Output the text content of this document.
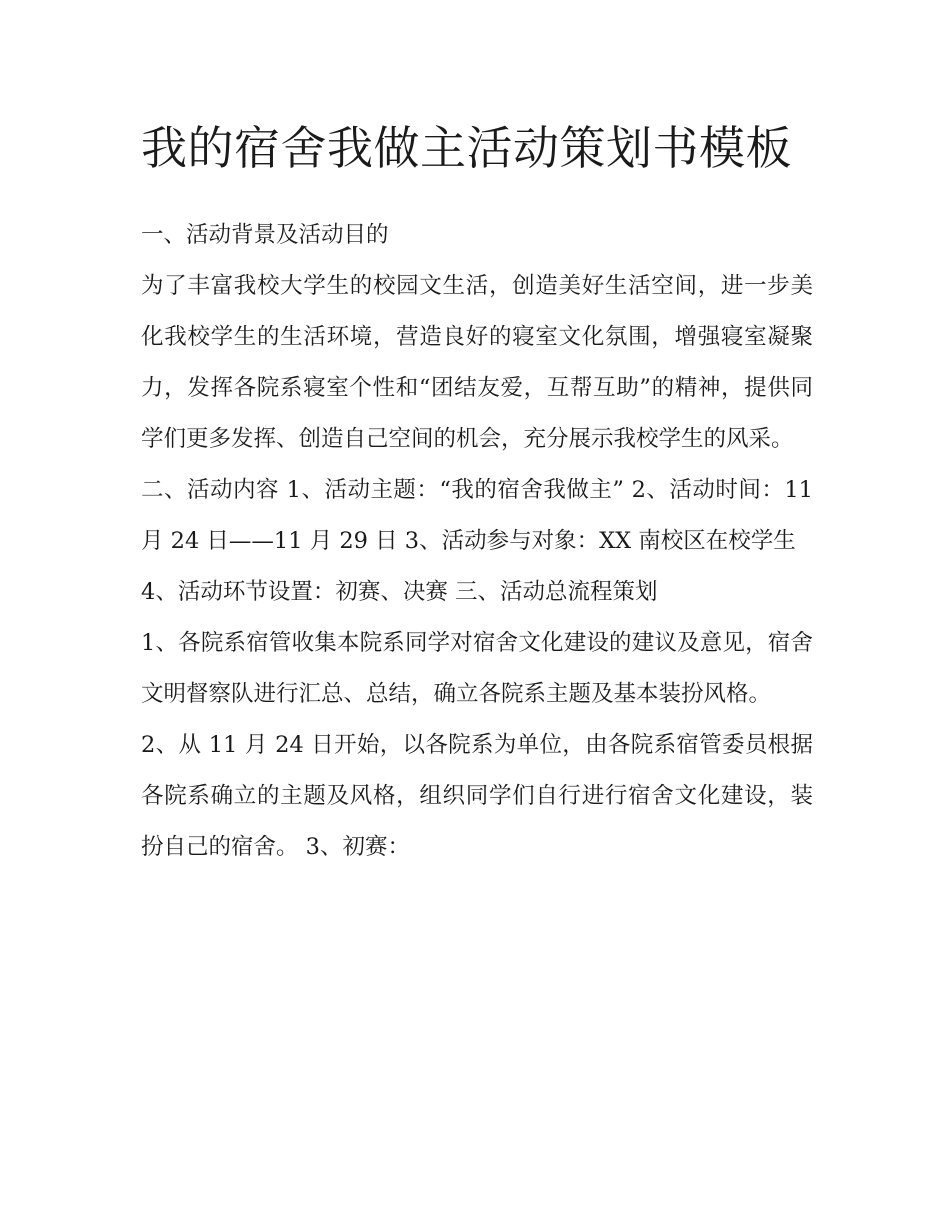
我的宿舍我做主活动策划书模板

一、活动背景及活动目的

为了丰富我校大学生的校园文生活，创造美好生活空间，进一步美化我校学生的生活环境，营造良好的寝室文化氛围，增强寝室凝聚力，发挥各院系寝室个性和“团结友爱，互帮互助”的精神，提供同学们更多发挥、创造自己空间的机会，充分展示我校学生的风采。

二、活动内容 1、活动主题：“我的宿舍我做主” 2、活动时间：11 月 24 日——11 月 29 日 3、活动参与对象：XX 南校区在校学生

4、活动环节设置：初赛、决赛 三、活动总流程策划

1、各院系宿管收集本院系同学对宿舍文化建设的建议及意见，宿舍文明督察队进行汇总、总结，确立各院系主题及基本装扮风格。

2、从 11 月 24 日开始，以各院系为单位，由各院系宿管委员根据各院系确立的主题及风格，组织同学们自行进行宿舍文化建设，装扮自己的宿舍。 3、初赛：
